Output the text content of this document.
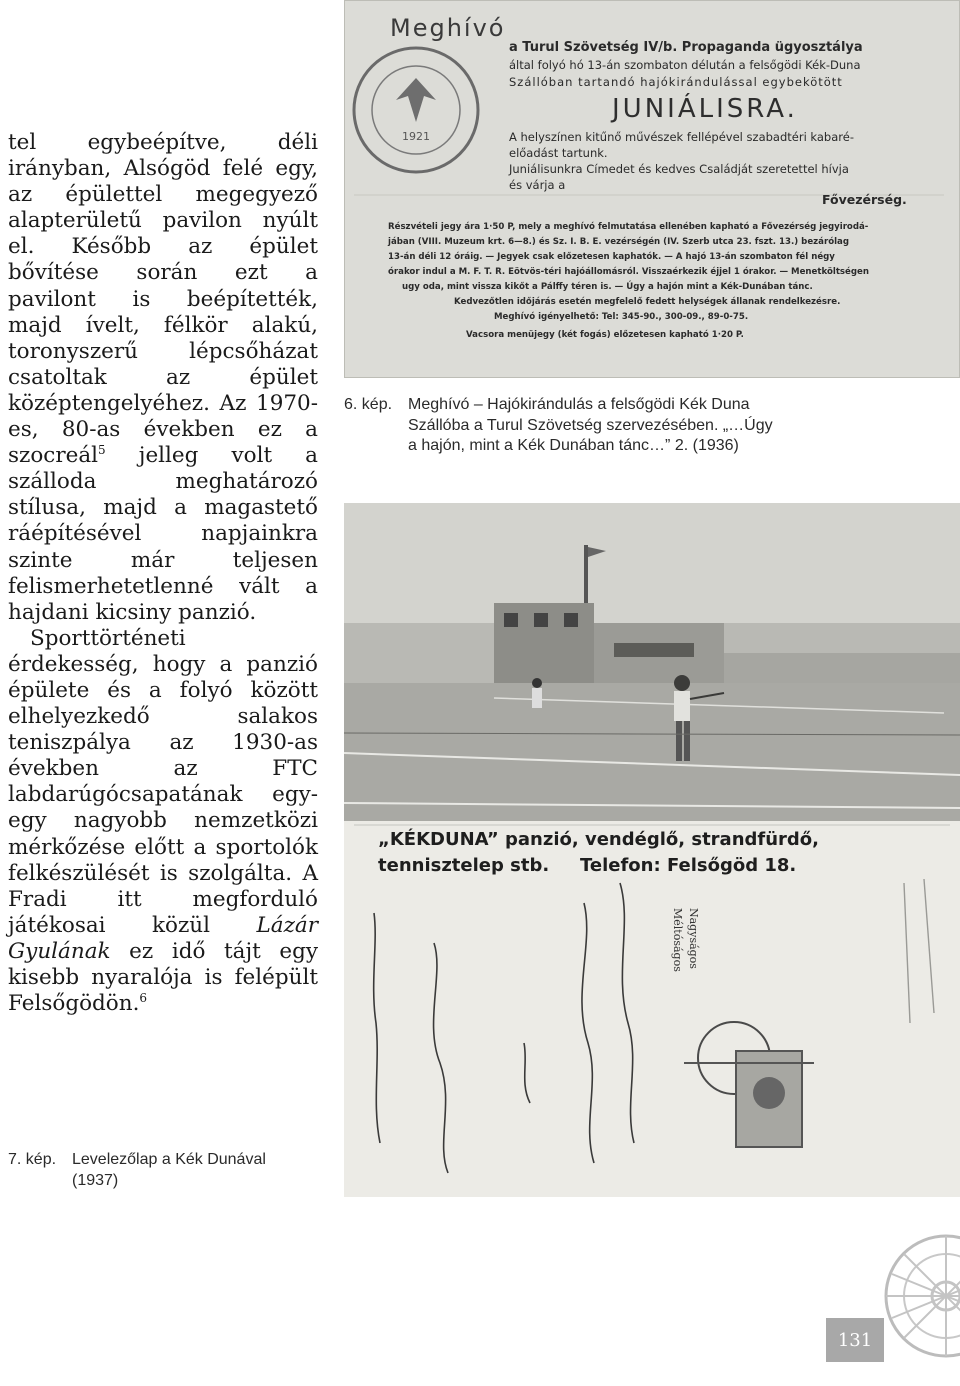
tel egybeépítve, déli irányban, Alsógöd felé egy, az épülettel megegyező alapterületű pavilon nyúlt el. Később az épület bővítése során ezt a pavilont is beépítették, majd ívelt, félkör alakú, toronyszerű lépcsőházat csatoltak az épület középtengelyéhez. Az 1970-es, 80-as években ez a szocreál$^5$ jelleg volt a szálloda meghatározó stílusa, majd a magastető ráépítésével napjainkra szinte már teljesen felismerhetetlenné vált a hajdani kicsiny panzió.

Sporttörténeti érdekesség, hogy a panzió épülete és a folyó között elhelyezkedő salakos teniszpálya az 1930-as években az FTC labdarúgócsapatának egy-egy nagyobb nemzetközi mérkőzése előtt a sportolók felkészülését is szolgálta. A Fradi itt megforduló játékosai közül Lázár Gyulának ez idő tájt egy kisebb nyaralója is felépült Felsőgödön.$^6$

1921
Meghívó
a Turul Szövetség IV/b. Propaganda ügyosztálya
által folyó hó 13-án szombaton délután a felsőgödi Kék-Duna
Szállóban tartandó hajókirándulással egybekötött
JUNIÁLISRA.
A helyszínen kitűnő művészek fellépével szabadtéri kabaré-
előadást tartunk.
Juniálisunkra Címedet és kedves Családját szeretettel hívja
és várja a
Fővezérség.
Részvételi jegy ára 1·50 P, mely a meghívó felmutatása ellenében kapható a Fővezérség jegyirodá-
jában (VIII. Muzeum krt. 6—8.) és Sz. I. B. E. vezérségén (IV. Szerb utca 23. fszt. 13.) bezárólag
13-án déli 12 óráig. — Jegyek csak előzetesen kaphatók. — A hajó 13-án szombaton fél négy
órakor indul a M. F. T. R. Eötvös-téri hajóállomásról. Visszaérkezik éjjel 1 órakor. — Menetköltségen
ugy oda, mint vissza kikőt a Pálffy téren is. — Úgy a hajón mint a Kék-Dunában tánc.
Kedvezőtlen időjárás esetén megfelelő fedett helységek állanak rendelkezésre.
Meghívó igényelhető: Tel: 345-90., 300-09., 89-0-75.
Vacsora menüjegy (két fogás) előzetesen kapható 1·20 P.
6. kép. Meghívó – Hajókirándulás a felsőgödi Kék Duna
Szállóba a Turul Szövetség szervezésében. „…Úgy
a hajón, mint a Kék Dunában tánc…” 2. (1936)
Méltóságos Nagyságos
„KÉKDUNA” panzió, vendéglő, strandfürdő,
tennisztelep stb. Telefon: Felsőgöd 18.
7. kép. Levelezőlap a Kék Dunával
(1937)
131
